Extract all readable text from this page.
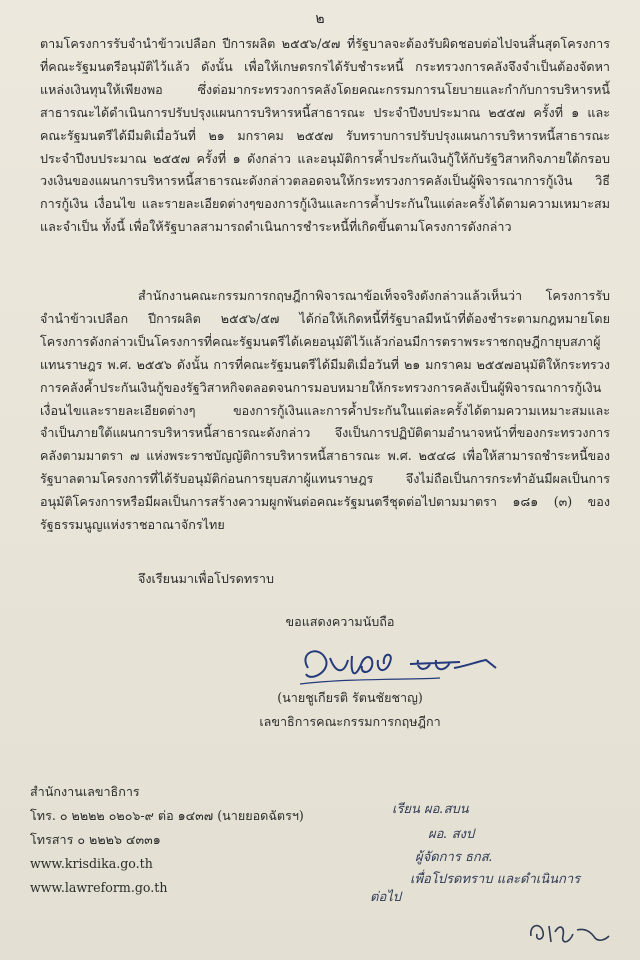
๒

ตามโครงการรับจำนำข้าวเปลือก ปีการผลิต ๒๕๕๖/๕๗ ที่รัฐบาลจะต้องรับผิดชอบต่อไปจนสิ้นสุดโครงการที่คณะรัฐมนตรีอนุมัติไว้แล้ว ดังนั้น เพื่อให้เกษตรกรได้รับชำระหนี้ กระทรวงการคลังจึงจำเป็นต้องจัดหาแหล่งเงินทุนให้เพียงพอ ซึ่งต่อมากระทรวงการคลังโดยคณะกรรมการนโยบายและกำกับการบริหารหนี้สาธารณะได้ดำเนินการปรับปรุงแผนการบริหารหนี้สาธารณะ ประจำปีงบประมาณ ๒๕๕๗ ครั้งที่ ๑ และคณะรัฐมนตรีได้มีมติเมื่อวันที่ ๒๑ มกราคม ๒๕๕๗ รับทราบการปรับปรุงแผนการบริหารหนี้สาธารณะประจำปีงบประมาณ ๒๕๕๗ ครั้งที่ ๑ ดังกล่าว และอนุมัติการค้ำประกันเงินกู้ให้กับรัฐวิสาหกิจภายใต้กรอบวงเงินของแผนการบริหารหนี้สาธารณะดังกล่าวตลอดจนให้กระทรวงการคลังเป็นผู้พิจารณาการกู้เงิน วิธีการกู้เงิน เงื่อนไข และรายละเอียดต่างๆของการกู้เงินและการค้ำประกันในแต่ละครั้งได้ตามความเหมาะสมและจำเป็น ทั้งนี้ เพื่อให้รัฐบาลสามารถดำเนินการชำระหนี้ที่เกิดขึ้นตามโครงการดังกล่าว

สำนักงานคณะกรรมการกฤษฎีกาพิจารณาข้อเท็จจริงดังกล่าวแล้วเห็นว่า โครงการรับจำนำข้าวเปลือก ปีการผลิต ๒๕๕๖/๕๗ ได้ก่อให้เกิดหนี้ที่รัฐบาลมีหน้าที่ต้องชำระตามกฎหมายโดยโครงการดังกล่าวเป็นโครงการที่คณะรัฐมนตรีได้เคยอนุมัติไว้แล้วก่อนมีการตราพระราชกฤษฎีกายุบสภาผู้แทนราษฎร พ.ศ. ๒๕๕๖ ดังนั้น การที่คณะรัฐมนตรีได้มีมติเมื่อวันที่ ๒๑ มกราคม ๒๕๕๗อนุมัติให้กระทรวงการคลังค้ำประกันเงินกู้ของรัฐวิสาหกิจตลอดจนการมอบหมายให้กระทรวงการคลังเป็นผู้พิจารณาการกู้เงิน เงื่อนไขและรายละเอียดต่างๆ ของการกู้เงินและการค้ำประกันในแต่ละครั้งได้ตามความเหมาะสมและจำเป็นภายใต้แผนการบริหารหนี้สาธารณะดังกล่าว จึงเป็นการปฏิบัติตามอำนาจหน้าที่ของกระทรวงการคลังตามมาตรา ๗ แห่งพระราชบัญญัติการบริหารหนี้สาธารณะ พ.ศ. ๒๕๔๘ เพื่อให้สามารถชำระหนี้ของรัฐบาลตามโครงการที่ได้รับอนุมัติก่อนการยุบสภาผู้แทนราษฎร จึงไม่ถือเป็นการกระทำอันมีผลเป็นการอนุมัติโครงการหรือมีผลเป็นการสร้างความผูกพันต่อคณะรัฐมนตรีชุดต่อไปตามมาตรา ๑๘๑ (๓) ของรัฐธรรมนูญแห่งราชอาณาจักรไทย

จึงเรียนมาเพื่อโปรดทราบ

ขอแสดงความนับถือ
(นายชูเกียรติ รัตนชัยชาญ)
เลขาธิการคณะกรรมการกฤษฎีกา
สำนักงานเลขาธิการ
โทร. ๐ ๒๒๒๒ ๐๒๐๖-๙ ต่อ ๑๔๓๗ (นายยอดฉัตรฯ)
โทรสาร ๐ ๒๒๒๖ ๔๓๓๑
www.krisdika.go.th
www.lawreform.go.th
เรียน ผอ.สบน
ผอ. สงป
ผู้จัดการ ธกส.
เพื่อโปรดทราบ และดำเนินการ
ต่อไป
